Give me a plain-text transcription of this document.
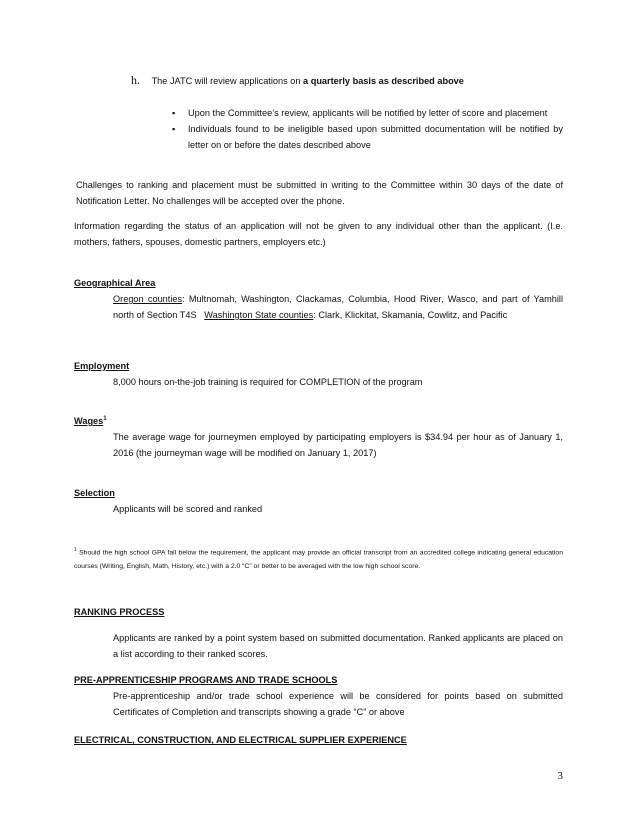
h. The JATC will review applications on a quarterly basis as described above
▪ Upon the Committee’s review, applicants will be notified by letter of score and placement
▪ Individuals found to be ineligible based upon submitted documentation will be notified by letter on or before the dates described above
Challenges to ranking and placement must be submitted in writing to the Committee within 30 days of the date of Notification Letter. No challenges will be accepted over the phone.
Information regarding the status of an application will not be given to any individual other than the applicant. (I.e. mothers, fathers, spouses, domestic partners, employers etc.)
Geographical Area
Oregon counties: Multnomah, Washington, Clackamas, Columbia, Hood River, Wasco, and part of Yamhill north of Section T4S Washington State counties: Clark, Klickitat, Skamania, Cowlitz, and Pacific
Employment
8,000 hours on-the-job training is required for COMPLETION of the program
Wages$^1$
The average wage for journeymen employed by participating employers is $34.94 per hour as of January 1, 2016 (the journeyman wage will be modified on January 1, 2017)
Selection
Applicants will be scored and ranked
$^1$ Should the high school GPA fall below the requirement, the applicant may provide an official transcript from an accredited college indicating general education courses (Writing, English, Math, History, etc.) with a 2.0 “C” or better to be averaged with the low high school score.
RANKING PROCESS
Applicants are ranked by a point system based on submitted documentation. Ranked applicants are placed on a list according to their ranked scores.
PRE-APPRENTICESHIP PROGRAMS AND TRADE SCHOOLS
Pre-apprenticeship and/or trade school experience will be considered for points based on submitted Certificates of Completion and transcripts showing a grade “C” or above
ELECTRICAL, CONSTRUCTION, AND ELECTRICAL SUPPLIER EXPERIENCE
3
